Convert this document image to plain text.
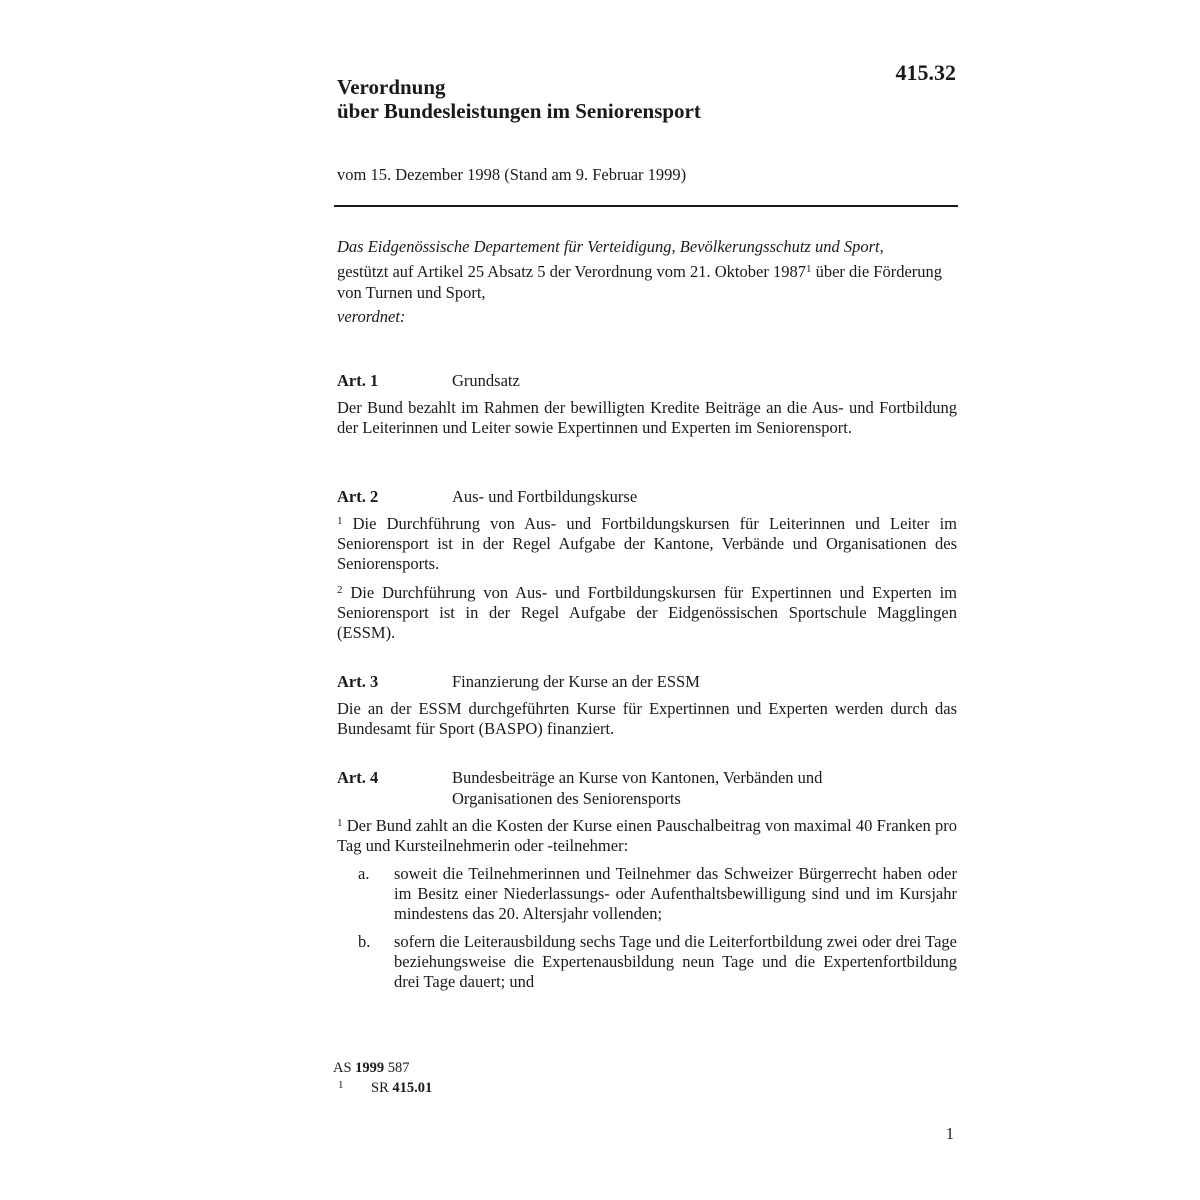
415.32
Verordnung
über Bundesleistungen im Seniorensport
vom 15. Dezember 1998 (Stand am 9. Februar 1999)
Das Eidgenössische Departement für Verteidigung, Bevölkerungsschutz und Sport,
gestützt auf Artikel 25 Absatz 5 der Verordnung vom 21. Oktober 1987$^1$ über die Förderung von Turnen und Sport,
verordnet:
Art. 1	Grundsatz
Der Bund bezahlt im Rahmen der bewilligten Kredite Beiträge an die Aus- und Fortbildung der Leiterinnen und Leiter sowie Expertinnen und Experten im Seniorensport.
Art. 2	Aus- und Fortbildungskurse
$^1$ Die Durchführung von Aus- und Fortbildungskursen für Leiterinnen und Leiter im Seniorensport ist in der Regel Aufgabe der Kantone, Verbände und Organisationen des Seniorensports.
$^2$ Die Durchführung von Aus- und Fortbildungskursen für Expertinnen und Experten im Seniorensport ist in der Regel Aufgabe der Eidgenössischen Sportschule Magglingen (ESSM).
Art. 3	Finanzierung der Kurse an der ESSM
Die an der ESSM durchgeführten Kurse für Expertinnen und Experten werden durch das Bundesamt für Sport (BASPO) finanziert.
Art. 4	Bundesbeiträge an Kurse von Kantonen, Verbänden und
Organisationen des Seniorensports
$^1$ Der Bund zahlt an die Kosten der Kurse einen Pauschalbeitrag von maximal 40 Franken pro Tag und Kursteilnehmerin oder -teilnehmer:
a. soweit die Teilnehmerinnen und Teilnehmer das Schweizer Bürgerrecht haben oder im Besitz einer Niederlassungs- oder Aufenthaltsbewilligung sind und im Kursjahr mindestens das 20. Altersjahr vollenden;
b. sofern die Leiterausbildung sechs Tage und die Leiterfortbildung zwei oder drei Tage beziehungsweise die Expertenausbildung neun Tage und die Expertenfortbildung drei Tage dauert; und
AS 1999 587
1 SR 415.01
1
